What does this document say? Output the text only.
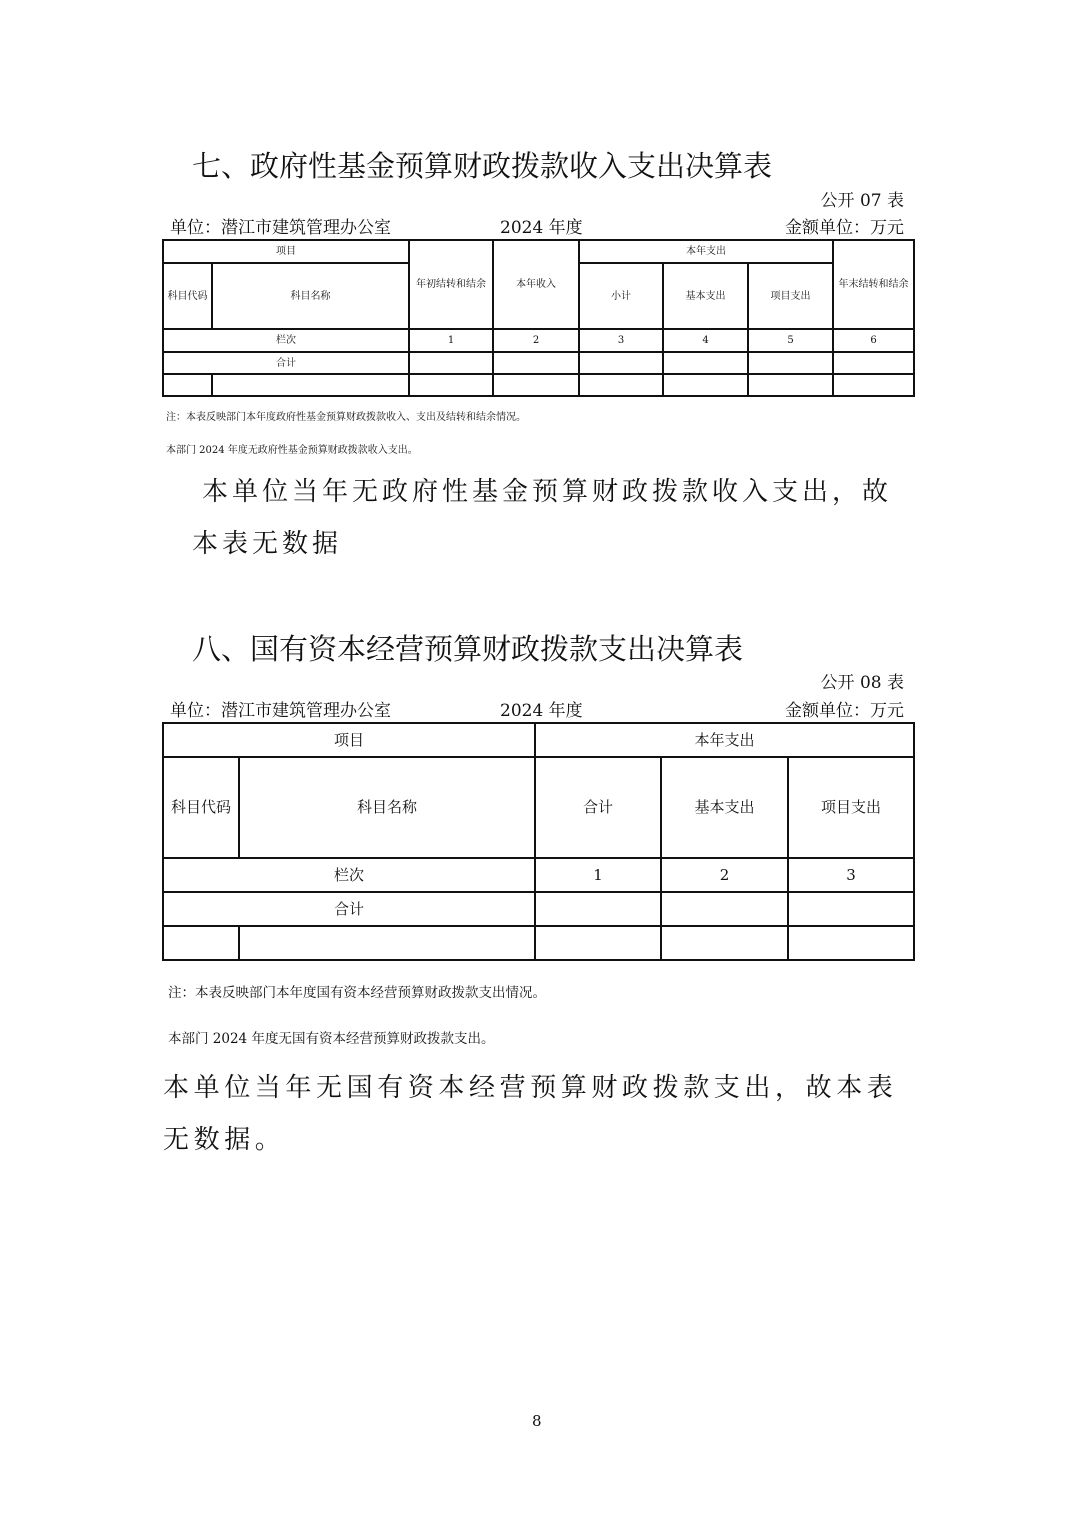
七、政府性基金预算财政拨款收入支出决算表
公开 07 表
单位：潜江市建筑管理办公室	2024 年度	金额单位：万元
项目		年初结转和结余	本年收入	本年支出			年末结转和结余
科目代码	科目名称			小计	基本支出	项目支出	
栏次		1	2	3	4	5	6
合计							

注：本表反映部门本年度政府性基金预算财政拨款收入、支出及结转和结余情况。
本部门 2024 年度无政府性基金预算财政拨款收入支出。
本单位当年无政府性基金预算财政拨款收入支出，故本表无数据
八、国有资本经营预算财政拨款支出决算表
公开 08 表
单位：潜江市建筑管理办公室	2024 年度	金额单位：万元
项目		本年支出		
科目代码	科目名称	合计	基本支出	项目支出
栏次		1	2	3
合计				

注：本表反映部门本年度国有资本经营预算财政拨款支出情况。
本部门 2024 年度无国有资本经营预算财政拨款支出。
本单位当年无国有资本经营预算财政拨款支出，故本表无数据。
8
